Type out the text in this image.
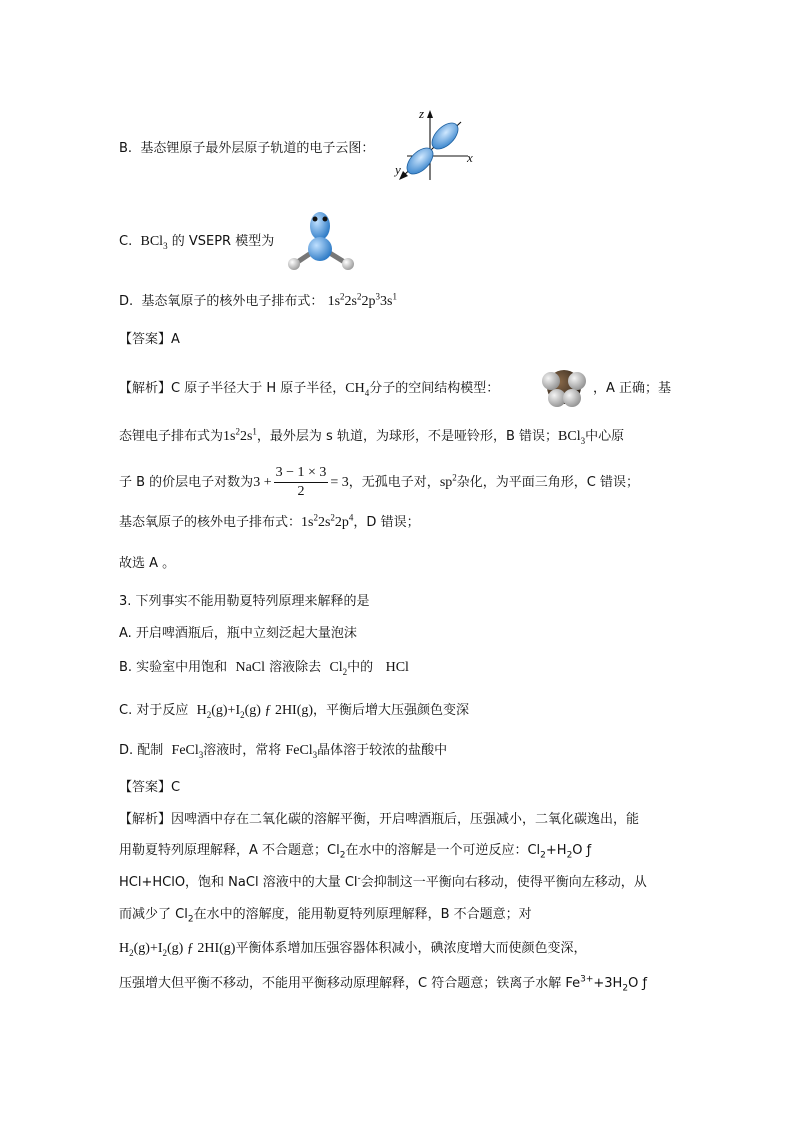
B. 基态锂原子最外层原子轨道的电子云图：
z
x
y
C. BCl$_3$ 的 VSEPR 模型为
D. 基态氧原子的核外电子排布式： $1s^22s^22p^33s^1$
【答案】A
【解析】C 原子半径大于 H 原子半径，$CH_4$分子的空间结构模型：	，A 正确；基
态锂电子排布式为$1s^22s^1$，最外层为 s 轨道，为球形，不是哑铃形，B 错误；BCl$_3$中心原
子 B 的价层电子对数为$3 + \frac{3 - 1 \times 3}{2} = 3$，无孤电子对，$sp^2$杂化，为平面三角形，C 错误；
基态氧原子的核外电子排布式：$1s^22s^22p^4$，D 错误；
故选 A 。
3. 下列事实不能用勒夏特列原理来解释的是
A. 开启啤酒瓶后，瓶中立刻泛起大量泡沫
B. 实验室中用饱和 NaCl 溶液除去 $Cl_2$中的 HCl
C. 对于反应 $H_2(g)+I_2(g)$ ƒ 2HI(g)，平衡后增大压强颜色变深
D. 配制 FeCl$_3$溶液时，常将 FeCl$_3$晶体溶于较浓的盐酸中
【答案】C
【解析】因啤酒中存在二氧化碳的溶解平衡，开启啤酒瓶后，压强减小，二氧化碳逸出，能
用勒夏特列原理解释，A 不合题意；$Cl_2$在水中的溶解是一个可逆反应：$Cl_2+H_2O$ ƒ
HCl+HClO，饱和 NaCl 溶液中的大量 Cl-会抑制这一平衡向右移动，使得平衡向左移动，从
而减少了 $Cl_2$在水中的溶解度，能用勒夏特列原理解释，B 不合题意；对
$H_2(g)+I_2(g)$ ƒ 2HI(g)平衡体系增加压强容器体积减小，碘浓度增大而使颜色变深，
压强增大但平衡不移动，不能用平衡移动原理解释，C 符合题意；铁离子水解 $Fe^{3+}+3H_2O$ ƒ
